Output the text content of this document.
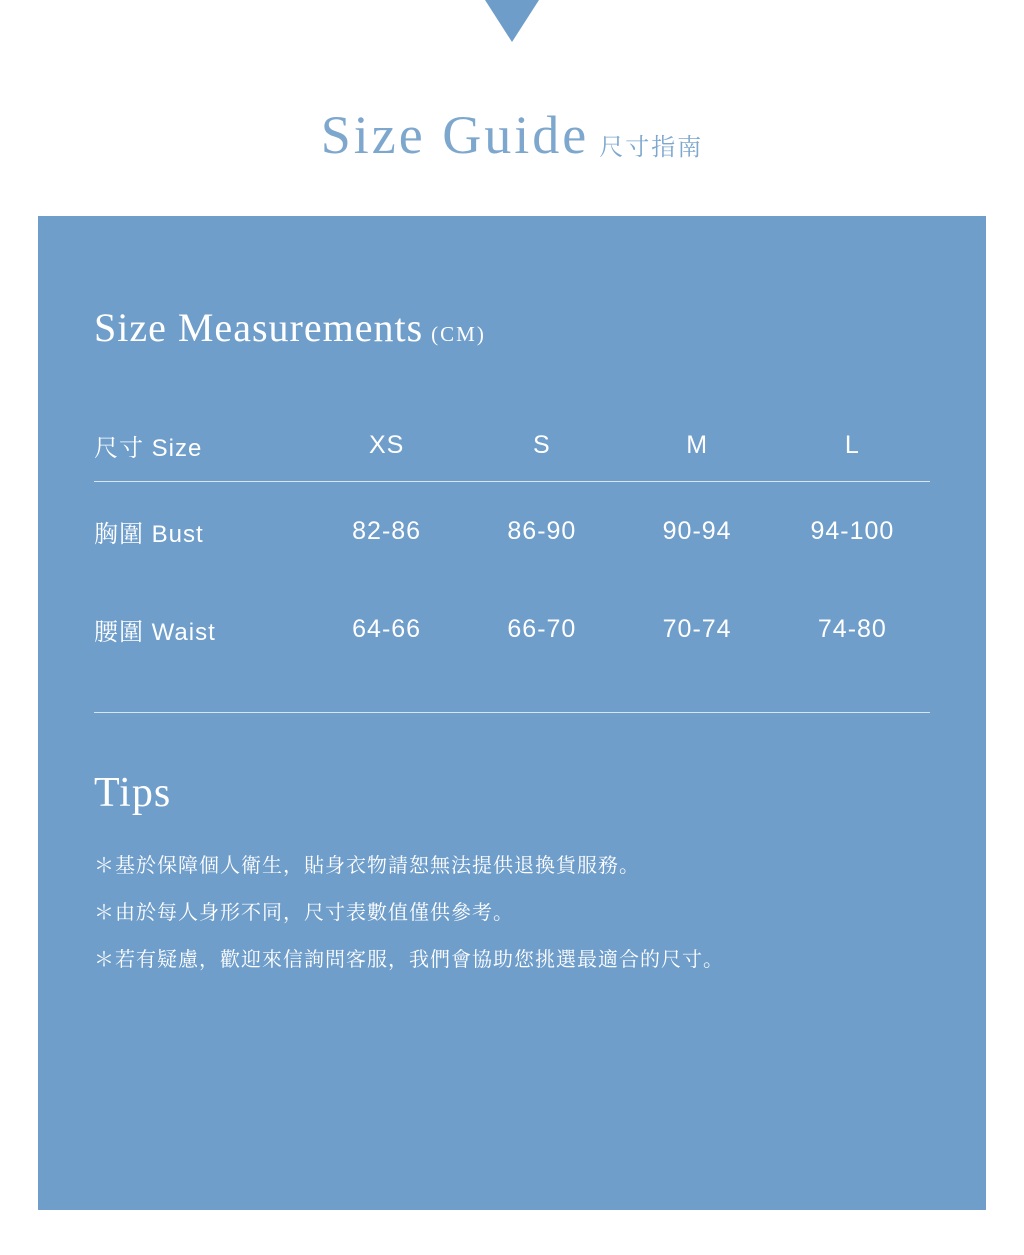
Size Guide 尺寸指南
Size Measurements (CM)
尺寸 Size	XS	S	M	L
胸圍 Bust	82-86	86-90	90-94	94-100
腰圍 Waist	64-66	66-70	70-74	74-80
Tips
＊基於保障個人衛生，貼身衣物請恕無法提供退換貨服務。
＊由於每人身形不同，尺寸表數值僅供參考。
＊若有疑慮，歡迎來信詢問客服，我們會協助您挑選最適合的尺寸。
